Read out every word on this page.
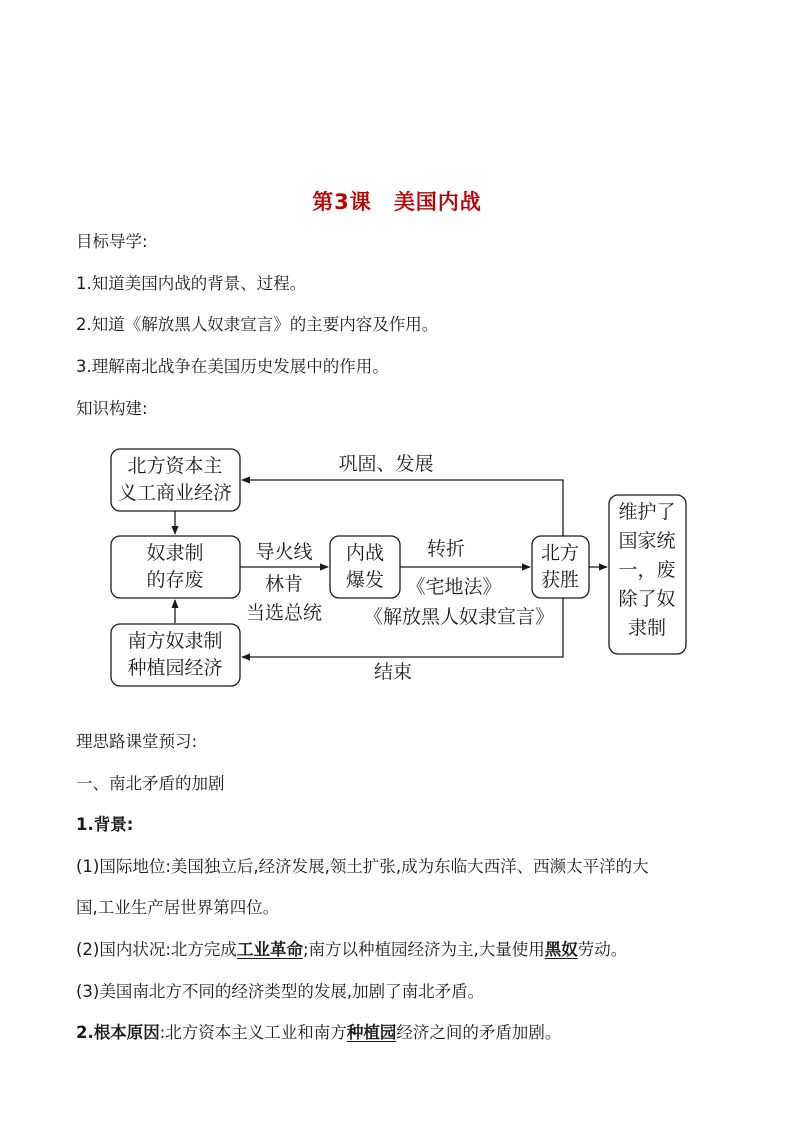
第3课 美国内战
目标导学:
1.知道美国内战的背景、过程。
2.知道《解放黑人奴隶宣言》的主要内容及作用。
3.理解南北战争在美国历史发展中的作用。
知识构建:
北方资本主
义工商业经济
奴隶制
的存废
南方奴隶制
种植园经济
内战
爆发
北方
获胜
维护了
国家统
一，废
除了奴
隶制
巩固、发展
导火线
林肯
当选总统
转折
《宅地法》
《解放黑人奴隶宣言》
结束
理思路课堂预习:
一、南北矛盾的加剧
1.背景:
(1)国际地位:美国独立后,经济发展,领土扩张,成为东临大西洋、西濒太平洋的大
国,工业生产居世界第四位。
(2)国内状况:北方完成工业革命;南方以种植园经济为主,大量使用黑奴劳动。
(3)美国南北方不同的经济类型的发展,加剧了南北矛盾。
2.根本原因:北方资本主义工业和南方种植园经济之间的矛盾加剧。
